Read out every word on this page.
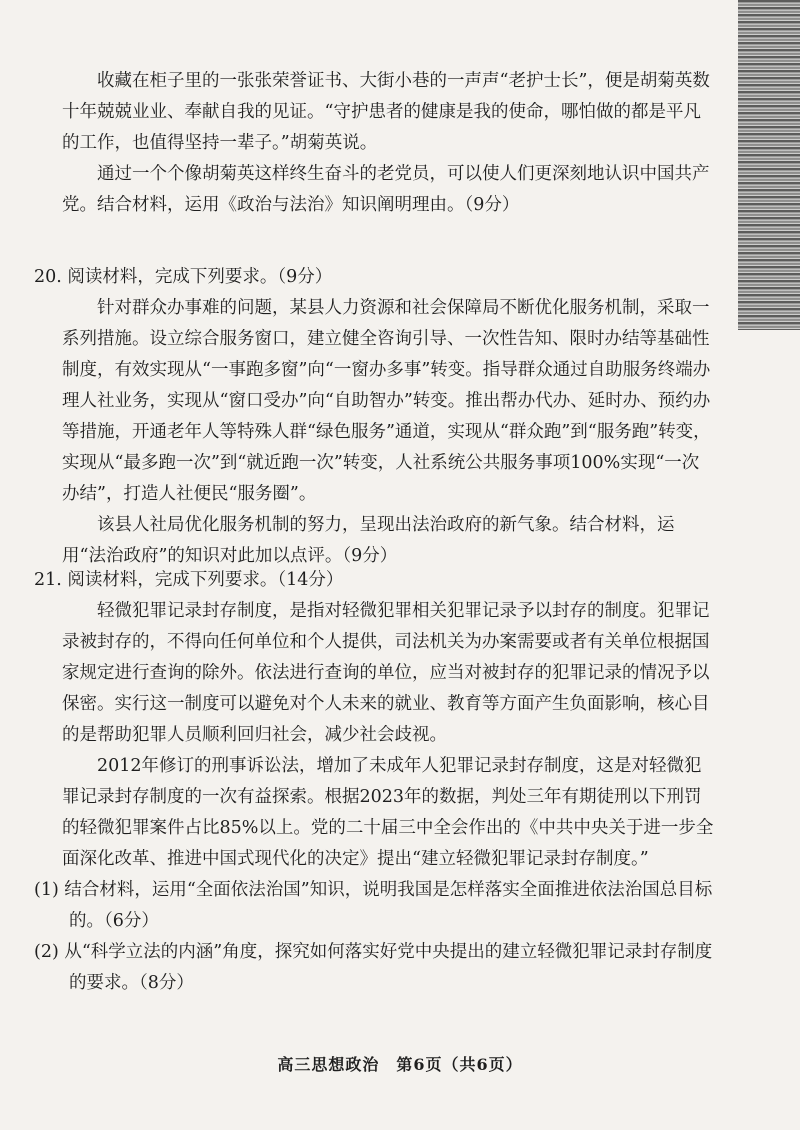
收藏在柜子里的一张张荣誉证书、大街小巷的一声声“老护士长”，便是胡菊英数十年兢兢业业、奉献自我的见证。“守护患者的健康是我的使命，哪怕做的都是平凡的工作，也值得坚持一辈子。”胡菊英说。

通过一个个像胡菊英这样终生奋斗的老党员，可以使人们更深刻地认识中国共产党。结合材料，运用《政治与法治》知识阐明理由。（9分）

20. 阅读材料，完成下列要求。（9分）

针对群众办事难的问题，某县人力资源和社会保障局不断优化服务机制，采取一系列措施。设立综合服务窗口，建立健全咨询引导、一次性告知、限时办结等基础性制度，有效实现从“一事跑多窗”向“一窗办多事”转变。指导群众通过自助服务终端办理人社业务，实现从“窗口受办”向“自助智办”转变。推出帮办代办、延时办、预约办等措施，开通老年人等特殊人群“绿色服务”通道，实现从“群众跑”到“服务跑”转变，实现从“最多跑一次”到“就近跑一次”转变，人社系统公共服务事项100%实现“一次办结”，打造人社便民“服务圈”。

该县人社局优化服务机制的努力，呈现出法治政府的新气象。结合材料，运用“法治政府”的知识对此加以点评。（9分）

21. 阅读材料，完成下列要求。（14分）

轻微犯罪记录封存制度，是指对轻微犯罪相关犯罪记录予以封存的制度。犯罪记录被封存的，不得向任何单位和个人提供，司法机关为办案需要或者有关单位根据国家规定进行查询的除外。依法进行查询的单位，应当对被封存的犯罪记录的情况予以保密。实行这一制度可以避免对个人未来的就业、教育等方面产生负面影响，核心目的是帮助犯罪人员顺利回归社会，减少社会歧视。

2012年修订的刑事诉讼法，增加了未成年人犯罪记录封存制度，这是对轻微犯罪记录封存制度的一次有益探索。根据2023年的数据，判处三年有期徒刑以下刑罚的轻微犯罪案件占比85%以上。党的二十届三中全会作出的《中共中央关于进一步全面深化改革、推进中国式现代化的决定》提出“建立轻微犯罪记录封存制度。”

(1) 结合材料，运用“全面依法治国”知识，说明我国是怎样落实全面推进依法治国总目标的。（6分）
(2) 从“科学立法的内涵”角度，探究如何落实好党中央提出的建立轻微犯罪记录封存制度的要求。（8分）
高三思想政治　第6页（共6页）
